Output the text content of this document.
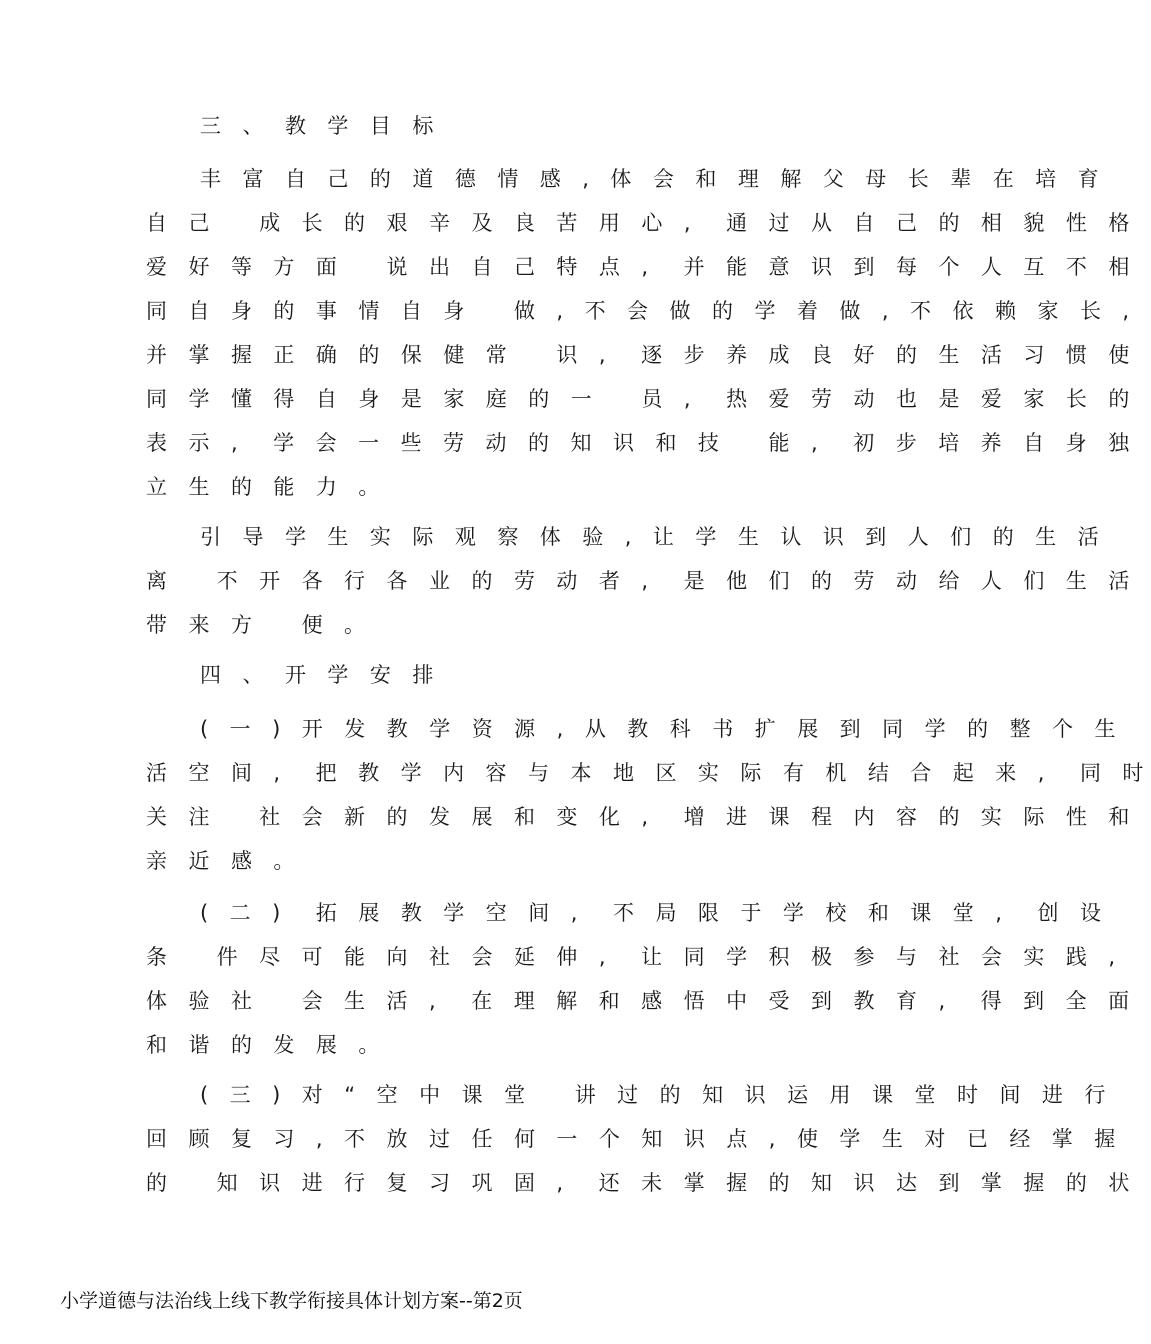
三 、 教 学 目 标
丰 富 自 己 的 道 德 情 感 , 体 会 和 理 解 父 母 长 辈 在 培 育
自 己   成 长 的 艰 辛 及 良 苦 用 心 ,  通 过 从 自 己 的 相 貌 性 格
爱 好 等 方 面   说 出 自 己 特 点 ,  并 能 意 识 到 每 个 人 互 不 相
同 自 身 的 事 情 自 身   做 , 不 会 做 的 学 着 做 , 不 依 赖 家 长 ,
并 掌 握 正 确 的 保 健 常   识 ,  逐 步 养 成 良 好 的 生 活 习 惯 使
同 学 懂 得 自 身 是 家 庭 的 一   员 ,  热 爱 劳 动 也 是 爱 家 长 的
表 示 ,  学 会 一 些 劳 动 的 知 识 和 技   能 ,  初 步 培 养 自 身 独
立 生 的 能 力 。
引 导 学 生 实 际 观 察 体 验 , 让 学 生 认 识 到 人 们 的 生 活
离   不 开 各 行 各 业 的 劳 动 者 ,  是 他 们 的 劳 动 给 人 们 生 活
带 来 方   便 。
四 、 开 学 安 排
( 一 ) 开 发 教 学 资 源 , 从 教 科 书 扩 展 到 同 学 的 整 个 生
活 空 间 ,  把 教 学 内 容 与 本 地 区 实 际 有 机 结 合 起 来 ,  同 时
关 注   社 会 新 的 发 展 和 变 化 ,  增 进 课 程 内 容 的 实 际 性 和
亲 近 感 。
( 二 )  拓 展 教 学 空 间 ,  不 局 限 于 学 校 和 课 堂 ,  创 设
条   件 尽 可 能 向 社 会 延 伸 ,  让 同 学 积 极 参 与 社 会 实 践 ,
体 验 社   会 生 活 ,  在 理 解 和 感 悟 中 受 到 教 育 ,  得 到 全 面
和 谐 的 发 展 。
( 三 ) 对 “ 空 中 课 堂   讲 过 的 知 识 运 用 课 堂 时 间 进 行
回 顾 复 习 , 不 放 过 任 何 一 个 知 识 点 , 使 学 生 对 已 经 掌 握
的   知 识 进 行 复 习 巩 固 ,  还 未 掌 握 的 知 识 达 到 掌 握 的 状
小学道德与法治线上线下教学衔接具体计划方案--第2页
